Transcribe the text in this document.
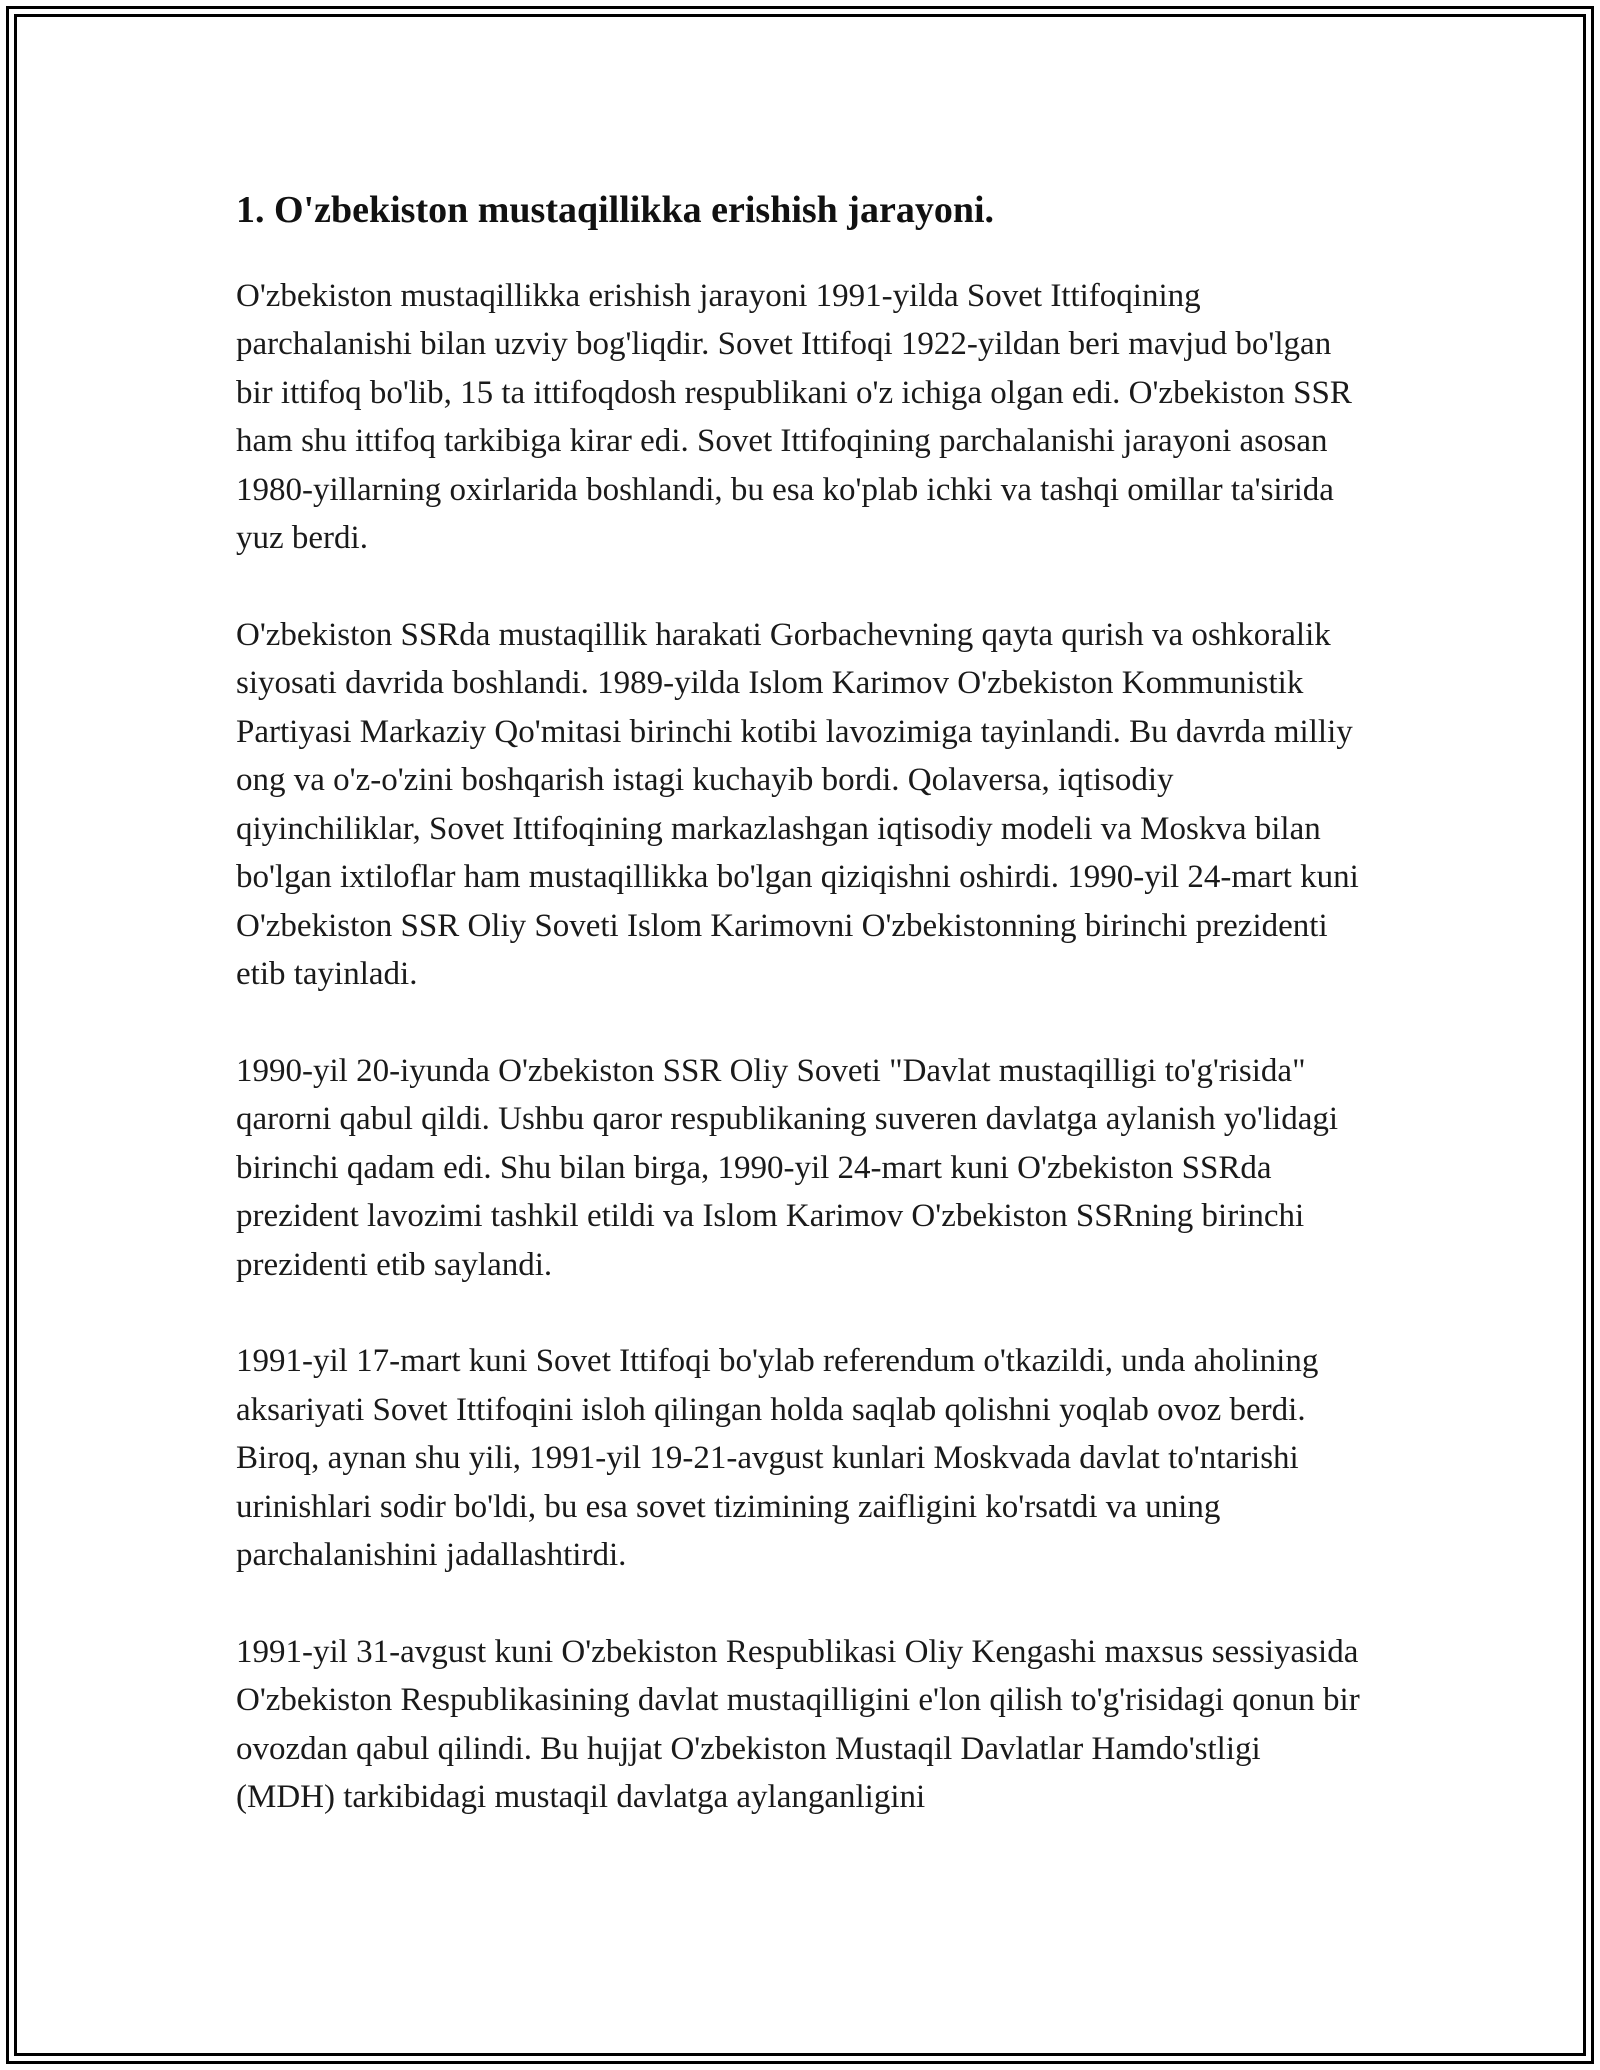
1. O'zbekiston mustaqillikka erishish jarayoni.

O'zbekiston mustaqillikka erishish jarayoni 1991-yilda Sovet Ittifoqining parchalanishi bilan uzviy bog'liqdir. Sovet Ittifoqi 1922-yildan beri mavjud bo'lgan bir ittifoq bo'lib, 15 ta ittifoqdosh respublikani o'z ichiga olgan edi. O'zbekiston SSR ham shu ittifoq tarkibiga kirar edi. Sovet Ittifoqining parchalanishi jarayoni asosan 1980-yillarning oxirlarida boshlandi, bu esa ko'plab ichki va tashqi omillar ta'sirida yuz berdi.

O'zbekiston SSRda mustaqillik harakati Gorbachevning qayta qurish va oshkoralik siyosati davrida boshlandi. 1989-yilda Islom Karimov O'zbekiston Kommunistik Partiyasi Markaziy Qo'mitasi birinchi kotibi lavozimiga tayinlandi. Bu davrda milliy ong va o'z-o'zini boshqarish istagi kuchayib bordi. Qolaversa, iqtisodiy qiyinchiliklar, Sovet Ittifoqining markazlashgan iqtisodiy modeli va Moskva bilan bo'lgan ixtiloflar ham mustaqillikka bo'lgan qiziqishni oshirdi. 1990-yil 24-mart kuni O'zbekiston SSR Oliy Soveti Islom Karimovni O'zbekistonning birinchi prezidenti etib tayinladi.

1990-yil 20-iyunda O'zbekiston SSR Oliy Soveti "Davlat mustaqilligi to'g'risida" qarorni qabul qildi. Ushbu qaror respublikaning suveren davlatga aylanish yo'lidagi birinchi qadam edi. Shu bilan birga, 1990-yil 24-mart kuni O'zbekiston SSRda prezident lavozimi tashkil etildi va Islom Karimov O'zbekiston SSRning birinchi prezidenti etib saylandi.

1991-yil 17-mart kuni Sovet Ittifoqi bo'ylab referendum o'tkazildi, unda aholining aksariyati Sovet Ittifoqini isloh qilingan holda saqlab qolishni yoqlab ovoz berdi. Biroq, aynan shu yili, 1991-yil 19-21-avgust kunlari Moskvada davlat to'ntarishi urinishlari sodir bo'ldi, bu esa sovet tizimining zaifligini ko'rsatdi va uning parchalanishini jadallashtirdi.

1991-yil 31-avgust kuni O'zbekiston Respublikasi Oliy Kengashi maxsus sessiyasida O'zbekiston Respublikasining davlat mustaqilligini e'lon qilish to'g'risidagi qonun bir ovozdan qabul qilindi. Bu hujjat O'zbekiston Mustaqil Davlatlar Hamdo'stligi (MDH) tarkibidagi mustaqil davlatga aylanganligini
